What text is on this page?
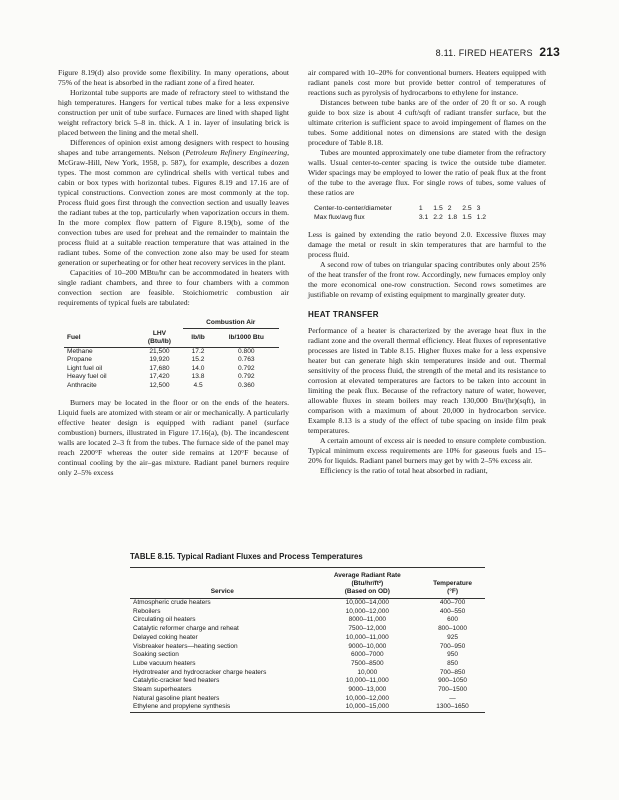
8.11. FIRED HEATERS 213

Figure 8.19(d) also provide some flexibility. In many operations, about 75% of the heat is absorbed in the radiant zone of a fired heater.

Horizontal tube supports are made of refractory steel to withstand the high temperatures. Hangers for vertical tubes make for a less expensive construction per unit of tube surface. Furnaces are lined with shaped light weight refractory brick 5–8 in. thick. A 1 in. layer of insulating brick is placed between the lining and the metal shell.

Differences of opinion exist among designers with respect to housing shapes and tube arrangements. Nelson (Petroleum Refinery Engineering, McGraw-Hill, New York, 1958, p. 587), for example, describes a dozen types. The most common are cylindrical shells with vertical tubes and cabin or box types with horizontal tubes. Figures 8.19 and 17.16 are of typical constructions. Convection zones are most commonly at the top. Process fluid goes first through the convection section and usually leaves the radiant tubes at the top, particularly when vaporization occurs in them. In the more complex flow pattern of Figure 8.19(b), some of the convection tubes are used for preheat and the remainder to maintain the process fluid at a suitable reaction temperature that was attained in the radiant tubes. Some of the convection zone also may be used for steam generation or superheating or for other heat recovery services in the plant.

Capacities of 10–200 MBtu/hr can be accommodated in heaters with single radiant chambers, and three to four chambers with a common convection section are feasible. Stoichiometric combustion air requirements of typical fuels are tabulated:

		Combustion Air	
Fuel	LHV
(Btu/lb)	lb/lb	lb/1000 Btu
Methane	21,500	17.2	0.800
Propane	19,920	15.2	0.763
Light fuel oil	17,680	14.0	0.792
Heavy fuel oil	17,420	13.8	0.792
Anthracite	12,500	4.5	0.360

Burners may be located in the floor or on the ends of the heaters. Liquid fuels are atomized with steam or air or mechanically. A particularly effective heater design is equipped with radiant panel (surface combustion) burners, illustrated in Figure 17.16(a), (b). The incandescent walls are located 2–3 ft from the tubes. The furnace side of the panel may reach 2200°F whereas the outer side remains at 120°F because of continual cooling by the air–gas mixture. Radiant panel burners require only 2–5% excess

air compared with 10–20% for conventional burners. Heaters equipped with radiant panels cost more but provide better control of temperatures of reactions such as pyrolysis of hydrocarbons to ethylene for instance.

Distances between tube banks are of the order of 20 ft or so. A rough guide to box size is about 4 cuft/sqft of radiant transfer surface, but the ultimate criterion is sufficient space to avoid impingement of flames on the tubes. Some additional notes on dimensions are stated with the design procedure of Table 8.18.

Tubes are mounted approximately one tube diameter from the refractory walls. Usual center-to-center spacing is twice the outside tube diameter. Wider spacings may be employed to lower the ratio of peak flux at the front of the tube to the average flux. For single rows of tubes, some values of these ratios are

Center-to-center/diameter	1	1.5	2	2.5	3
Max flux/avg flux	3.1	2.2	1.8	1.5	1.2

Less is gained by extending the ratio beyond 2.0. Excessive fluxes may damage the metal or result in skin temperatures that are harmful to the process fluid.

A second row of tubes on triangular spacing contributes only about 25% of the heat transfer of the front row. Accordingly, new furnaces employ only the more economical one-row construction. Second rows sometimes are justifiable on revamp of existing equipment to marginally greater duty.

HEAT TRANSFER

Performance of a heater is characterized by the average heat flux in the radiant zone and the overall thermal efficiency. Heat fluxes of representative processes are listed in Table 8.15. Higher fluxes make for a less expensive heater but can generate high skin temperatures inside and out. Thermal sensitivity of the process fluid, the strength of the metal and its resistance to corrosion at elevated temperatures are factors to be taken into account in limiting the peak flux. Because of the refractory nature of water, however, allowable fluxes in steam boilers may reach 130,000 Btu/(hr)(sqft), in comparison with a maximum of about 20,000 in hydrocarbon service. Example 8.13 is a study of the effect of tube spacing on inside film peak temperatures.

A certain amount of excess air is needed to ensure complete combustion. Typical minimum excess requirements are 10% for gaseous fuels and 15–20% for liquids. Radiant panel burners may get by with 2–5% excess air.

Efficiency is the ratio of total heat absorbed in radiant,

TABLE 8.15. Typical Radiant Fluxes and Process Temperatures
Service	Average Radiant Rate
(Btu/hr/ft²)
(Based on OD)	Temperature
(°F)
Atmospheric crude heaters	10,000–14,000	400–700
Reboilers	10,000–12,000	400–550
Circulating oil heaters	8000–11,000	600
Catalytic reformer charge and reheat	7500–12,000	800–1000
Delayed coking heater	10,000–11,000	925
Visbreaker heaters—heating section	9000–10,000	700–950
Soaking section	6000–7000	950
Lube vacuum heaters	7500–8500	850
Hydrotreater and hydrocracker charge heaters	10,000	700–850
Catalytic-cracker feed heaters	10,000–11,000	900–1050
Steam superheaters	9000–13,000	700–1500
Natural gasoline plant heaters	10,000–12,000	—
Ethylene and propylene synthesis	10,000–15,000	1300–1650
